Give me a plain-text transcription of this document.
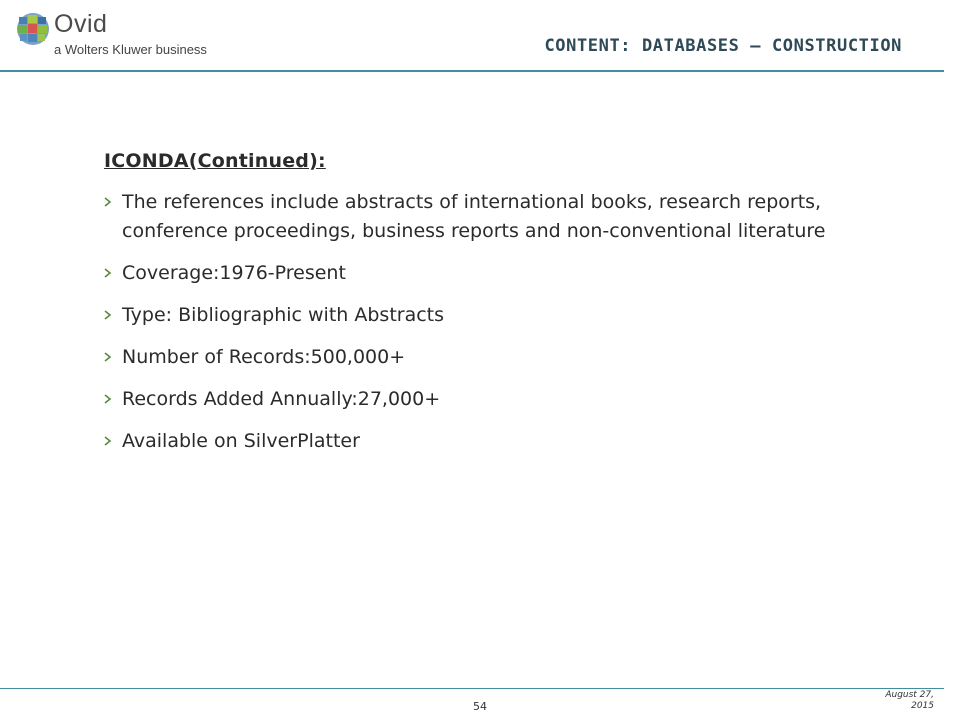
Ovid
a Wolters Kluwer business	CONTENT: DATABASES – CONSTRUCTION
ICONDA(Continued):
The references include abstracts of international books, research reports, conference proceedings, business reports and non-conventional literature
Coverage:1976-Present
Type: Bibliographic with Abstracts
Number of Records:500,000+
Records Added Annually:27,000+
Available on SilverPlatter
54
August 27, 2015
